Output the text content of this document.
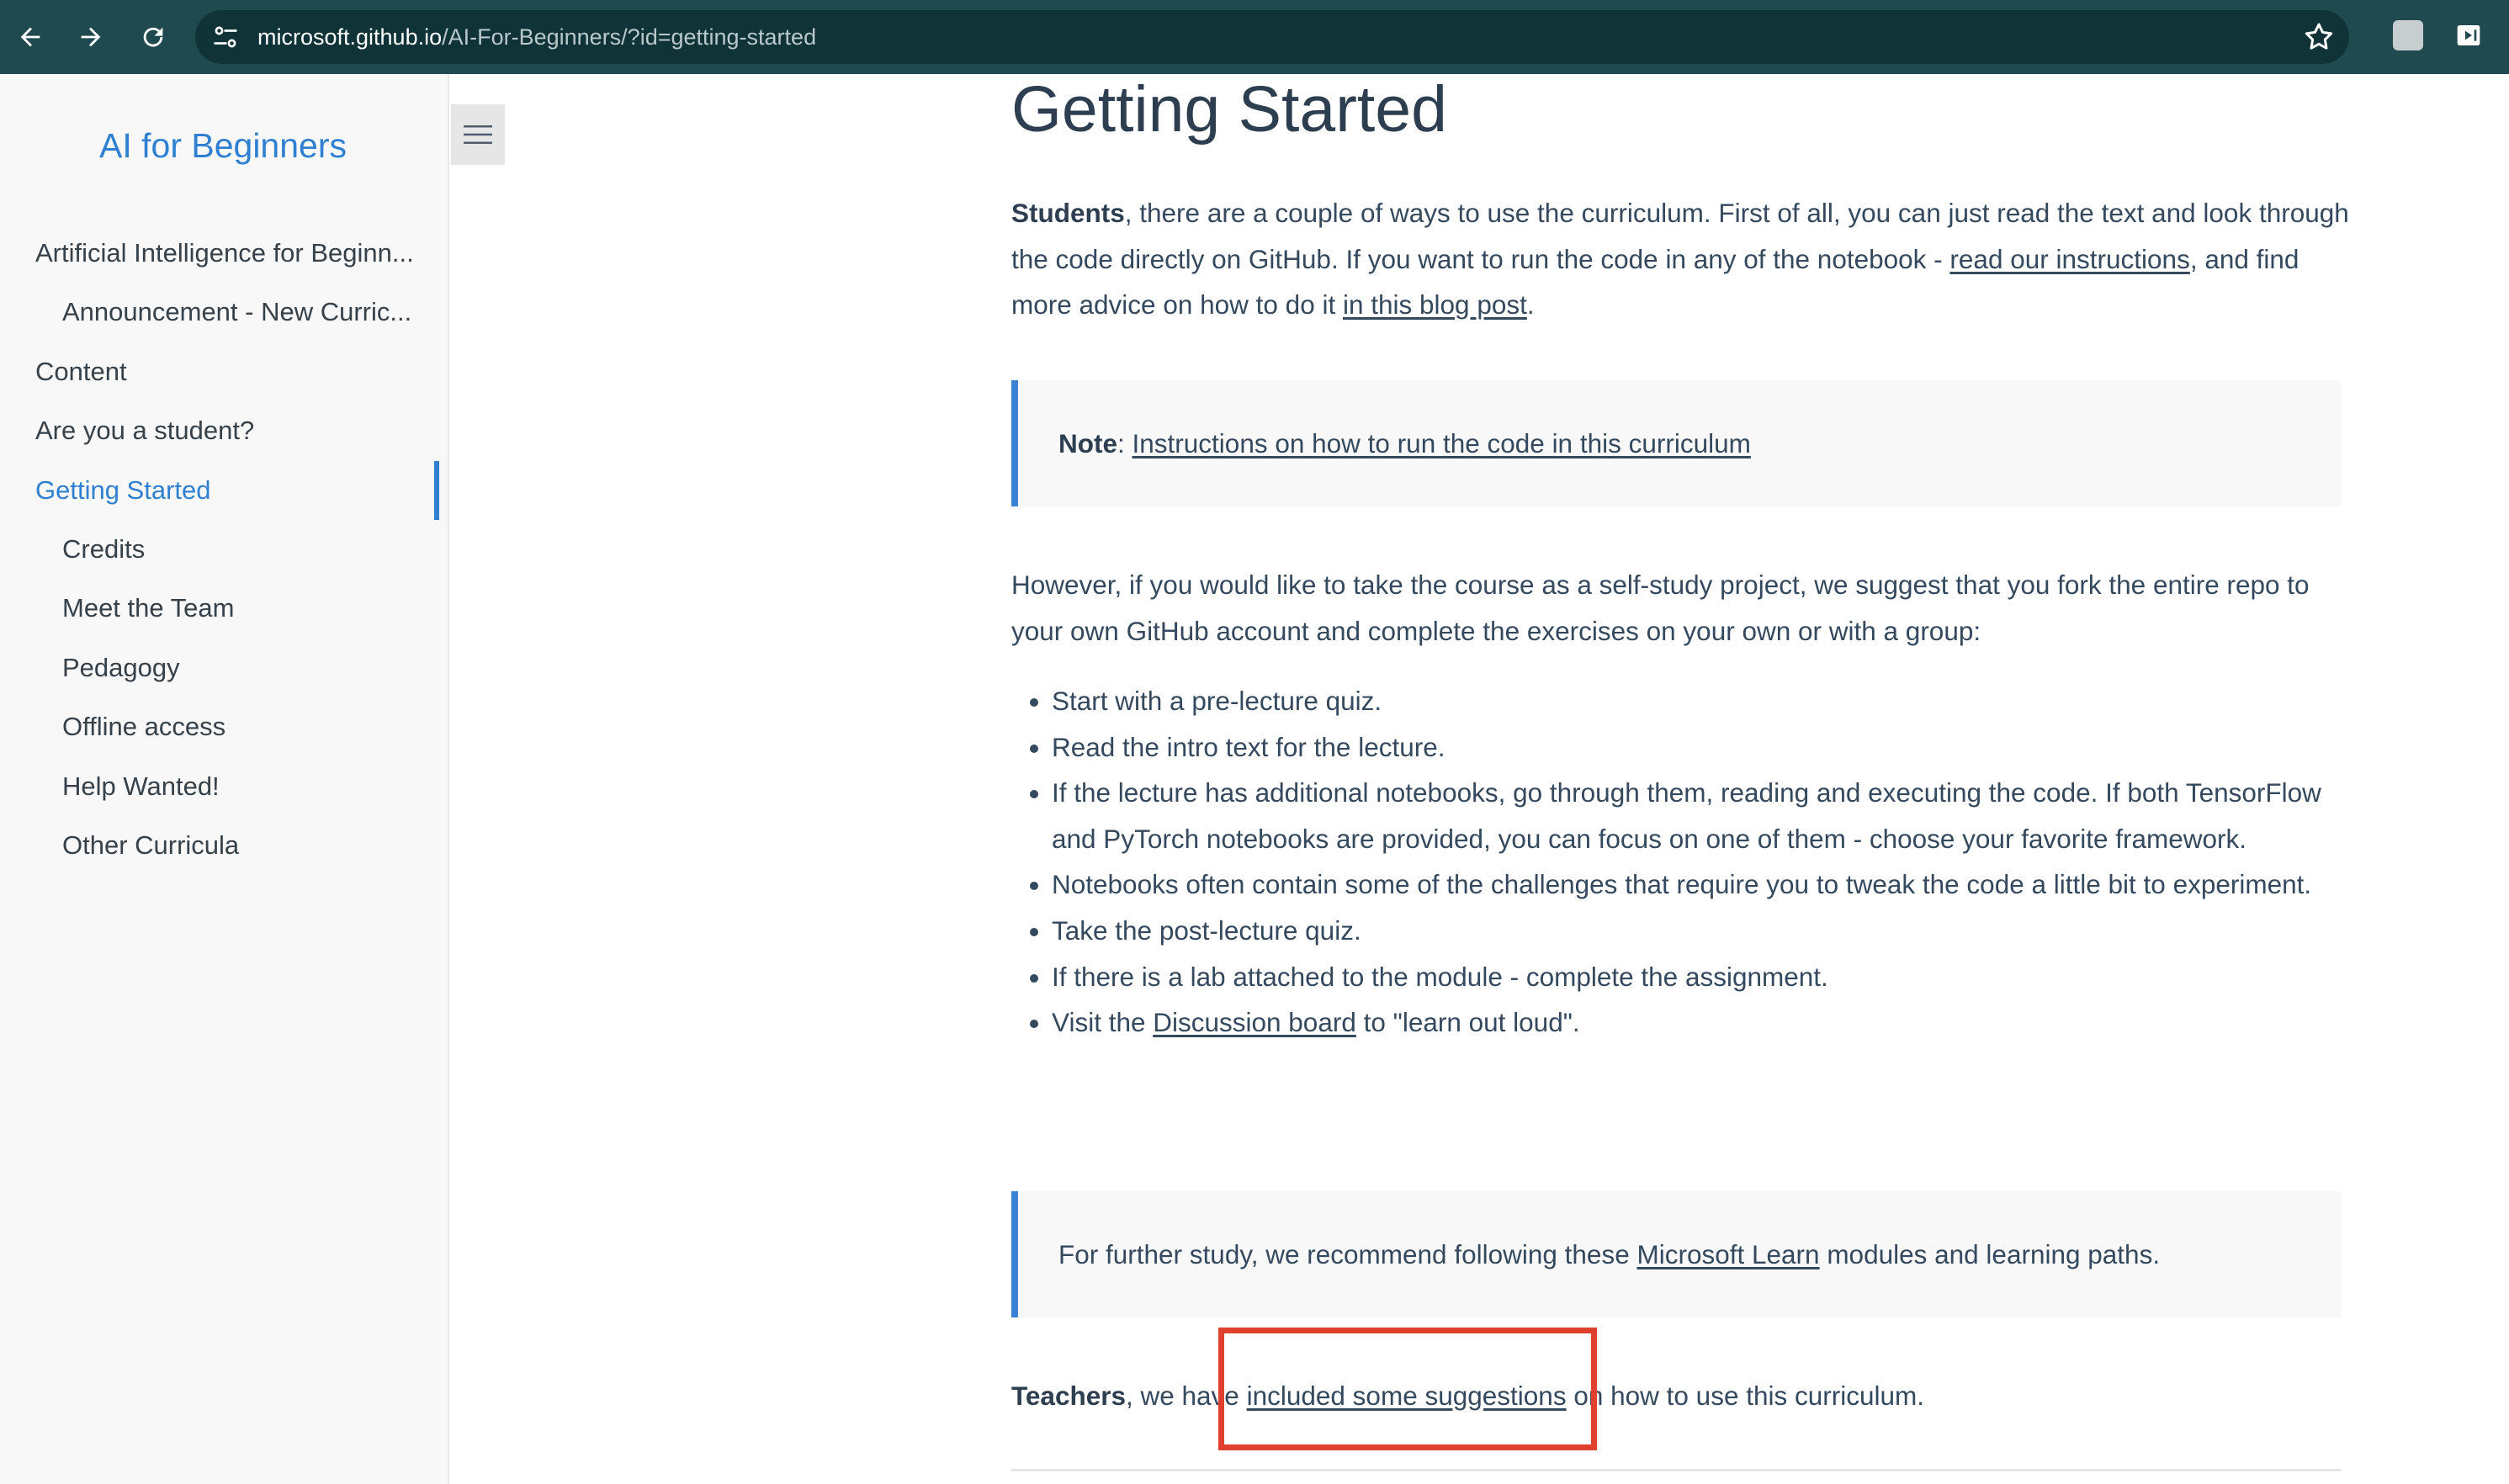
microsoft.github.io/AI-For-Beginners/?id=getting-started
AI for Beginners
Artificial Intelligence for Beginn...
Announcement - New Curric...
Content
Are you a student?
Getting Started
Credits
Meet the Team
Pedagogy
Offline access
Help Wanted!
Other Curricula
Getting Started

Students, there are a couple of ways to use the curriculum. First of all, you can just read the text and look through the code directly on GitHub. If you want to run the code in any of the notebook - read our instructions, and find more advice on how to do it in this blog post.

Note: Instructions on how to run the code in this curriculum

However, if you would like to take the course as a self-study project, we suggest that you fork the entire repo to your own GitHub account and complete the exercises on your own or with a group:

• Start with a pre-lecture quiz.
• Read the intro text for the lecture.
• If the lecture has additional notebooks, go through them, reading and executing the code. If both TensorFlow and PyTorch notebooks are provided, you can focus on one of them - choose your favorite framework.
• Notebooks often contain some of the challenges that require you to tweak the code a little bit to experiment.
• Take the post-lecture quiz.
• If there is a lab attached to the module - complete the assignment.
• Visit the Discussion board to "learn out loud".

For further study, we recommend following these Microsoft Learn modules and learning paths.

Teachers, we have included some suggestions on how to use this curriculum.
